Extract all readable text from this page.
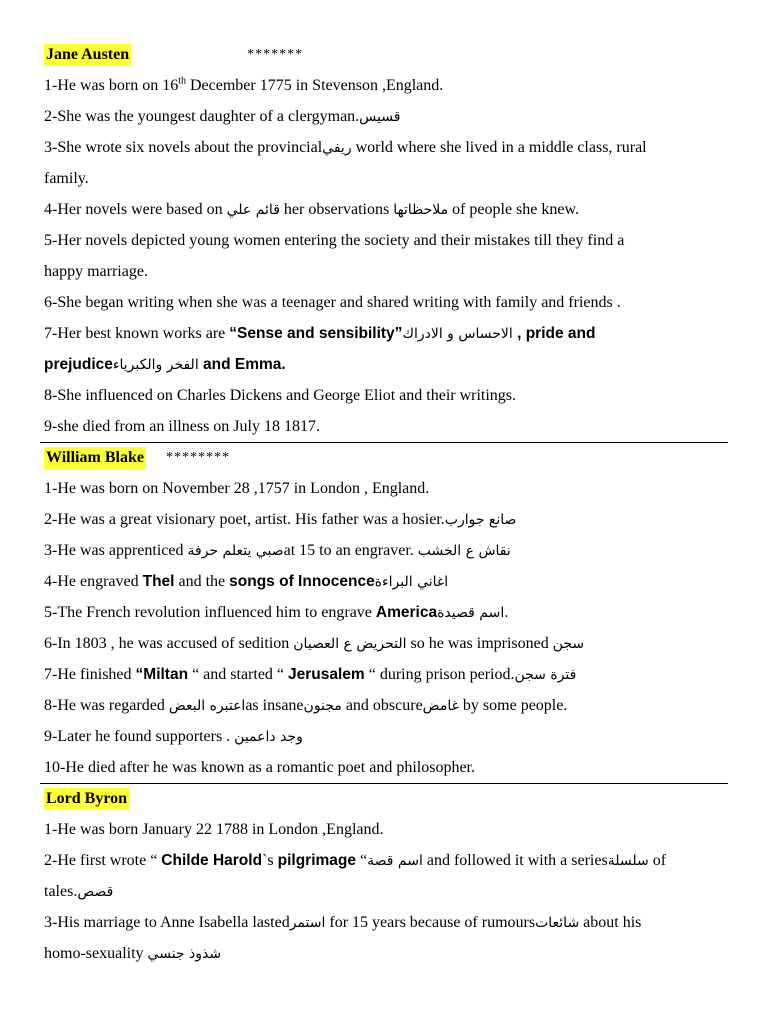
Jane Austen	*******
1-He was born on 16th December 1775 in Stevenson ,England.
2-She was the youngest daughter of a clergyman.قسيس
3-She wrote six novels about the provincialريفي world where she lived in a middle class, rural
family.
4-Her novels were based on قائم علي her observations ملاحظاتها of people she knew.
5-Her novels depicted young women entering the society and their mistakes till they find a
happy marriage.
6-She began writing when she was a teenager and shared writing with family and friends .
7-Her best known works are “Sense and sensibility”الاحساس و الادراك , pride and
prejudiceالفخر والكبرياء and Emma.
8-She influenced on Charles Dickens and George Eliot and their writings.
9-she died from an illness on July 18 1817.
William Blake ********
1-He was born on November 28 ,1757 in London , England.
2-He was a great visionary poet, artist. His father was a hosier.صانع جوارب
3-He was apprenticed صبي يتعلم حرفةat 15 to an engraver. نقاش ع الخشب
4-He engraved Thel and the songs of Innocence اغاني البراءة
5-The French revolution influenced him to engrave America.اسم قصيدة
6-In 1803 , he was accused of sedition التحريض ع العصيان so he was imprisoned سجن
7-He finished “Miltan “ and started “ Jerusalem “ during prison period.فترة سجن
8-He was regarded اعتبره البعضas insaneمجنون and obscureغامض by some people.
9-Later he found supporters . وجد داعمين
10-He died after he was known as a romantic poet and philosopher.
Lord Byron
1-He was born January 22 1788 in London ,England.
2-He first wrote “ Childe Harold`s pilgrimage “اسم قصة and followed it with a seriesسلسلة of
tales.قصص
3-His marriage to Anne Isabella lastedاستمر for 15 years because of rumoursشائعات about his
homo-sexuality شذوذ جنسي
